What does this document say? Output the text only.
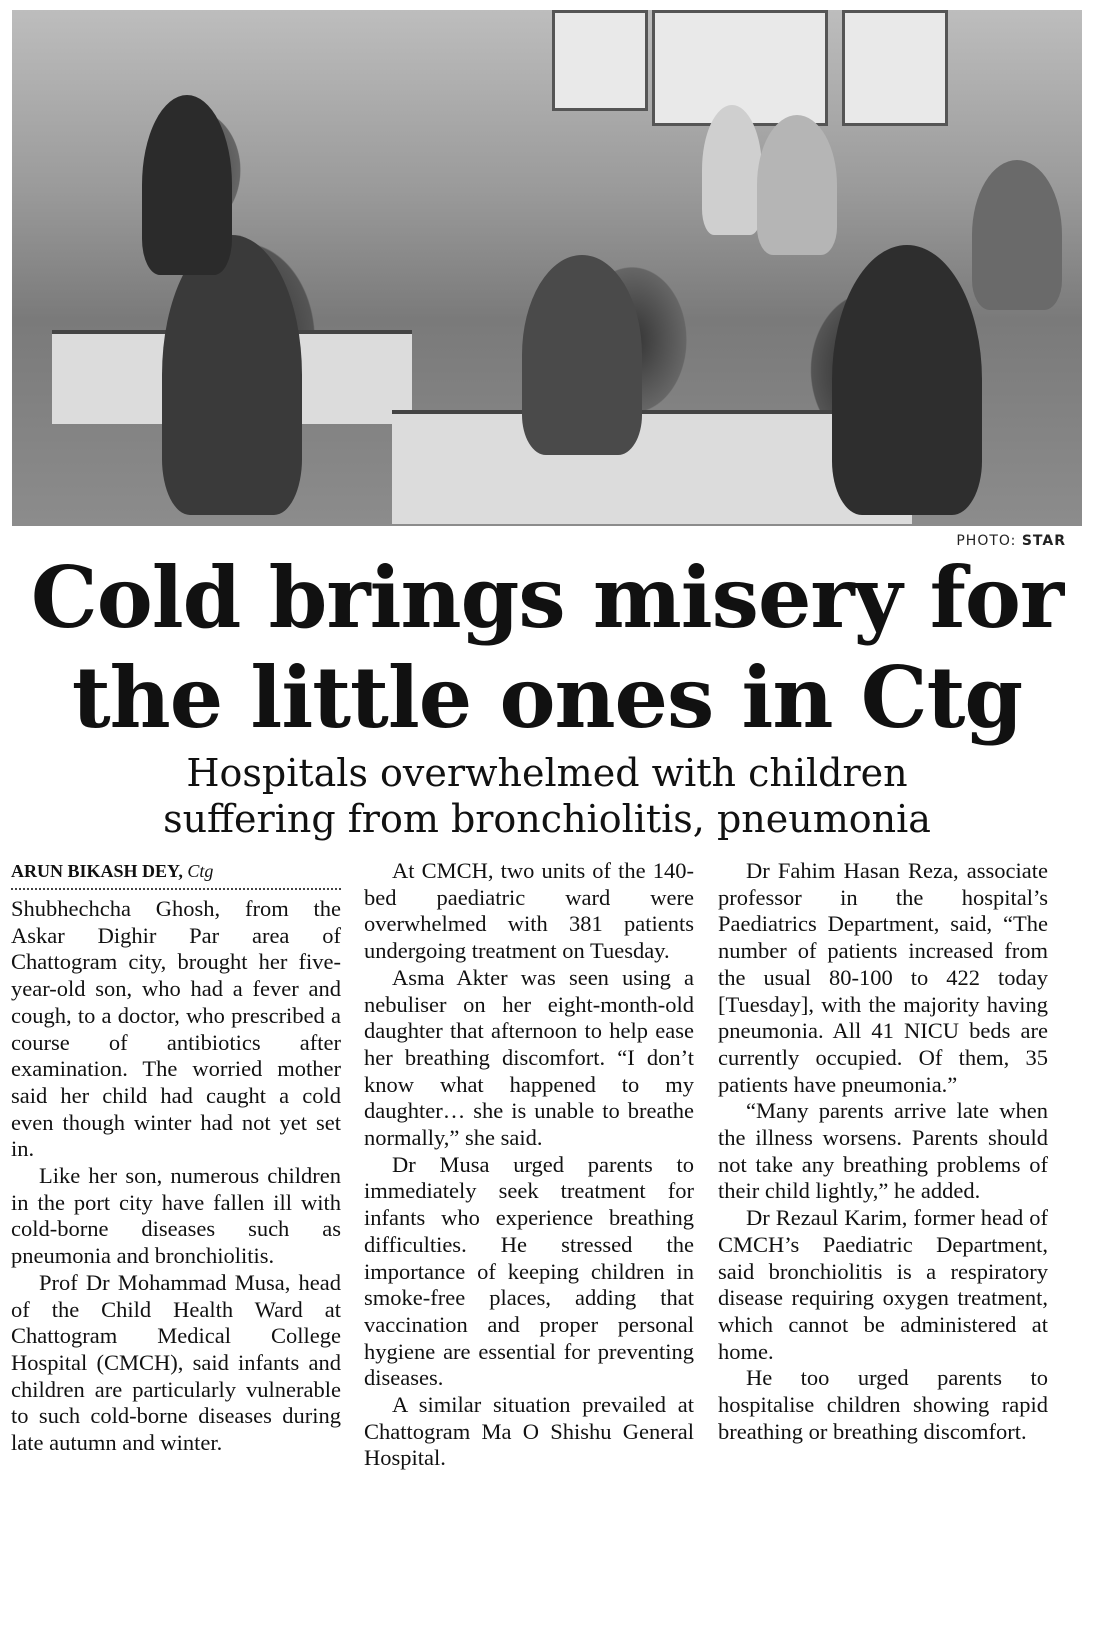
PHOTO: STAR
Cold brings misery for
the little ones in Ctg
Hospitals overwhelmed with children
suffering from bronchiolitis, pneumonia
ARUN BIKASH DEY, Ctg

Shubhechcha Ghosh, from the Askar Dighir Par area of Chattogram city, brought her five-year-old son, who had a fever and cough, to a doctor, who prescribed a course of antibiotics after examination. The worried mother said her child had caught a cold even though winter had not yet set in.

Like her son, numerous children in the port city have fallen ill with cold-borne diseases such as pneumonia and bronchiolitis.

Prof Dr Mohammad Musa, head of the Child Health Ward at Chattogram Medical College Hospital (CMCH), said infants and children are particularly vulnerable to such cold-borne diseases during late autumn and winter.

At CMCH, two units of the 140-bed paediatric ward were overwhelmed with 381 patients undergoing treatment on Tuesday.

Asma Akter was seen using a nebuliser on her eight-month-old daughter that afternoon to help ease her breathing discomfort. “I don’t know what happened to my daughter… she is unable to breathe normally,” she said.

Dr Musa urged parents to immediately seek treatment for infants who experience breathing difficulties. He stressed the importance of keeping children in smoke-free places, adding that vaccination and proper personal hygiene are essential for preventing diseases.

A similar situation prevailed at Chattogram Ma O Shishu General Hospital.

Dr Fahim Hasan Reza, associate professor in the hospital’s Paediatrics Department, said, “The number of patients increased from the usual 80-100 to 422 today [Tuesday], with the majority having pneumonia. All 41 NICU beds are currently occupied. Of them, 35 patients have pneumonia.”

“Many parents arrive late when the illness worsens. Parents should not take any breathing problems of their child lightly,” he added.

Dr Rezaul Karim, former head of CMCH’s Paediatric Department, said bronchiolitis is a respiratory disease requiring oxygen treatment, which cannot be administered at home.

He too urged parents to hospitalise children showing rapid breathing or breathing discomfort.
